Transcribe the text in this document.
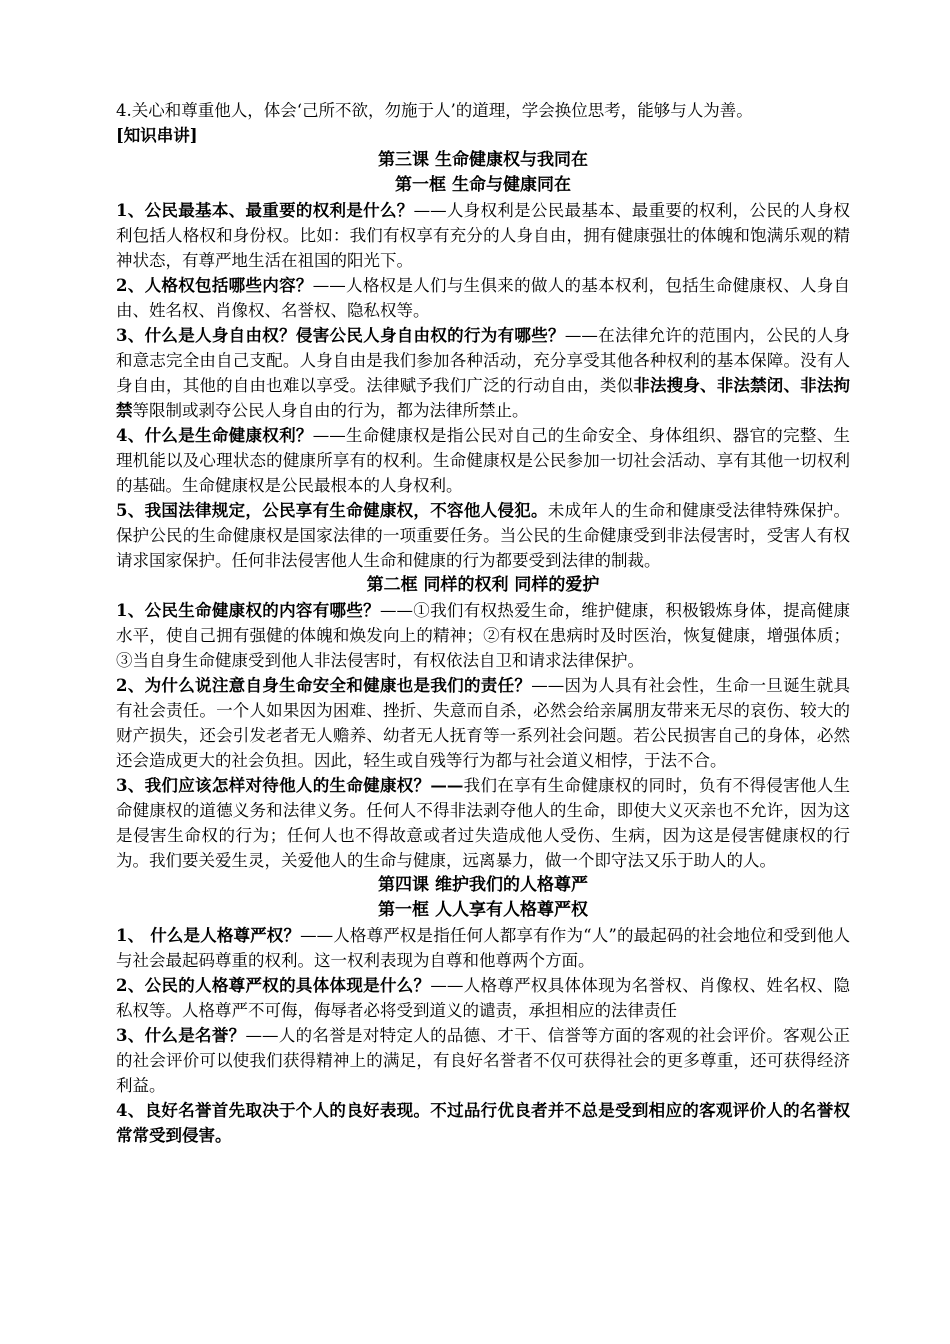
4.关心和尊重他人，体会‘己所不欲，勿施于人’的道理，学会换位思考，能够与人为善。

[知识串讲]

第三课 生命健康权与我同在

第一框 生命与健康同在

1、公民最基本、最重要的权利是什么？——人身权利是公民最基本、最重要的权利，公民的人身权利包括人格权和身份权。比如：我们有权享有充分的人身自由，拥有健康强壮的体魄和饱满乐观的精神状态，有尊严地生活在祖国的阳光下。

2、人格权包括哪些内容？——人格权是人们与生俱来的做人的基本权利，包括生命健康权、人身自由、姓名权、肖像权、名誉权、隐私权等。

3、什么是人身自由权？侵害公民人身自由权的行为有哪些？——在法律允许的范围内，公民的人身和意志完全由自己支配。人身自由是我们参加各种活动，充分享受其他各种权利的基本保障。没有人身自由，其他的自由也难以享受。法律赋予我们广泛的行动自由，类似非法搜身、非法禁闭、非法拘禁等限制或剥夺公民人身自由的行为，都为法律所禁止。

4、什么是生命健康权利？——生命健康权是指公民对自己的生命安全、身体组织、器官的完整、生理机能以及心理状态的健康所享有的权利。生命健康权是公民参加一切社会活动、享有其他一切权利的基础。生命健康权是公民最根本的人身权利。

5、我国法律规定，公民享有生命健康权，不容他人侵犯。未成年人的生命和健康受法律特殊保护。保护公民的生命健康权是国家法律的一项重要任务。当公民的生命健康受到非法侵害时，受害人有权请求国家保护。任何非法侵害他人生命和健康的行为都要受到法律的制裁。

第二框 同样的权利 同样的爱护

1、公民生命健康权的内容有哪些？——①我们有权热爱生命，维护健康，积极锻炼身体，提高健康水平，使自己拥有强健的体魄和焕发向上的精神；②有权在患病时及时医治，恢复健康，增强体质；③当自身生命健康受到他人非法侵害时，有权依法自卫和请求法律保护。

2、为什么说注意自身生命安全和健康也是我们的责任？——因为人具有社会性，生命一旦诞生就具有社会责任。一个人如果因为困难、挫折、失意而自杀，必然会给亲属朋友带来无尽的哀伤、较大的财产损失，还会引发老者无人赡养、幼者无人抚育等一系列社会问题。若公民损害自己的身体，必然还会造成更大的社会负担。因此，轻生或自残等行为都与社会道义相悖，于法不合。

3、我们应该怎样对待他人的生命健康权？——我们在享有生命健康权的同时，负有不得侵害他人生命健康权的道德义务和法律义务。任何人不得非法剥夺他人的生命，即使大义灭亲也不允许，因为这是侵害生命权的行为；任何人也不得故意或者过失造成他人受伤、生病，因为这是侵害健康权的行为。我们要关爱生灵，关爱他人的生命与健康，远离暴力，做一个即守法又乐于助人的人。

第四课 维护我们的人格尊严

第一框 人人享有人格尊严权

1、 什么是人格尊严权？——人格尊严权是指任何人都享有作为“人”的最起码的社会地位和受到他人与社会最起码尊重的权利。这一权利表现为自尊和他尊两个方面。

2、公民的人格尊严权的具体体现是什么？——人格尊严权具体体现为名誉权、肖像权、姓名权、隐私权等。人格尊严不可侮，侮辱者必将受到道义的谴责，承担相应的法律责任

3、什么是名誉？——人的名誉是对特定人的品德、才干、信誉等方面的客观的社会评价。客观公正的社会评价可以使我们获得精神上的满足，有良好名誉者不仅可获得社会的更多尊重，还可获得经济利益。

4、良好名誉首先取决于个人的良好表现。不过品行优良者并不总是受到相应的客观评价人的名誉权常常受到侵害。
